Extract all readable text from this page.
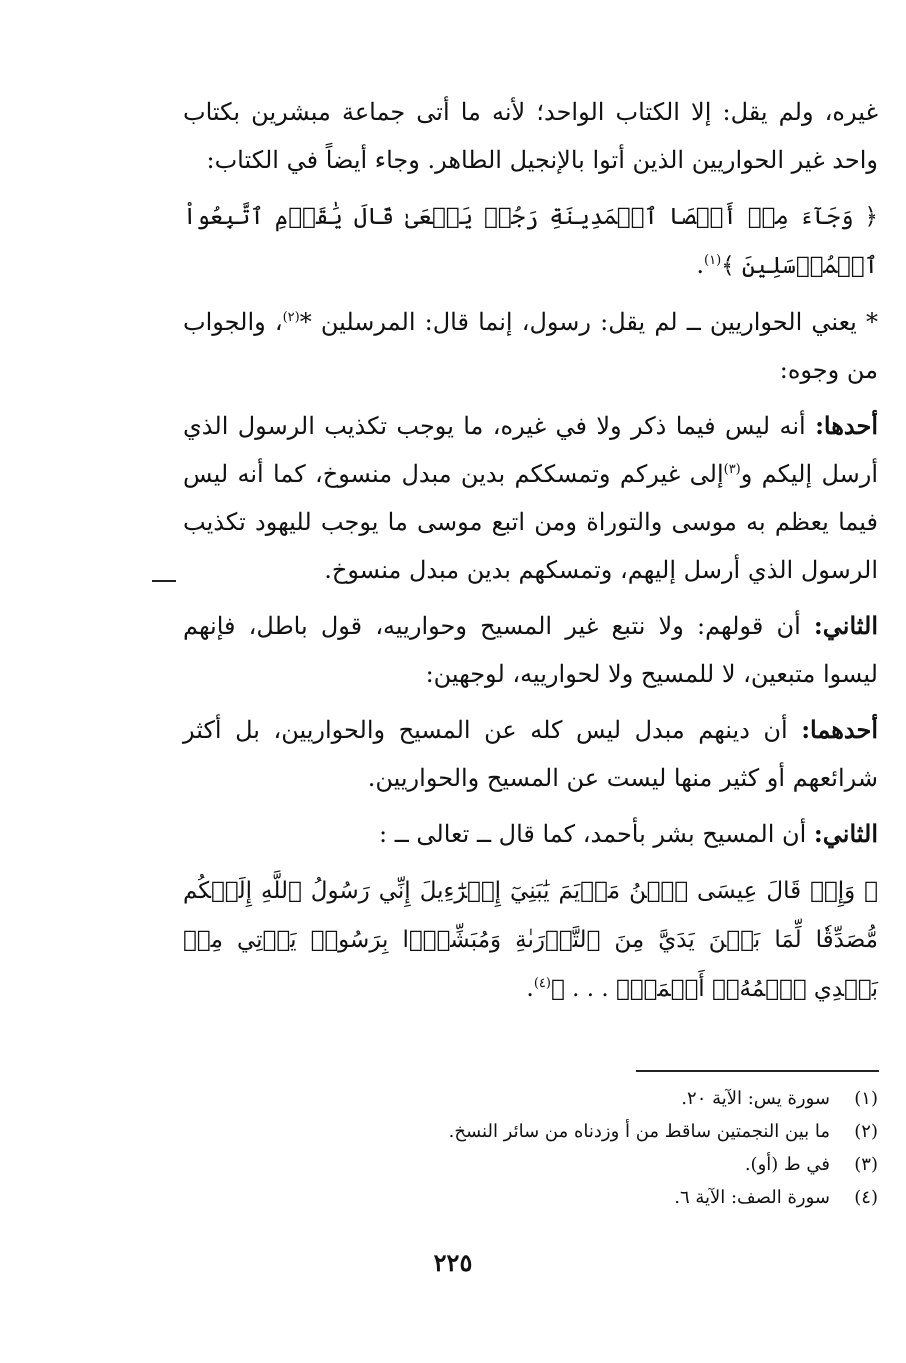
غيره، ولم يقل: إلا الكتاب الواحد؛ لأنه ما أتى جماعة مبشرين بكتاب واحد غير الحواريين الذين أتوا بالإنجيل الطاهر. وجاء أيضاً في الكتاب:

﴿ وَجَآءَ مِنۡ أَقۡصَا ٱلۡمَدِينَةِ رَجُلٞ يَسۡعَىٰ قَالَ يَٰقَوۡمِ ٱتَّبِعُواْ ٱلۡمُرۡسَلِينَ ﴾$^{(١)}$.

* يعني الحواريين ــ لم يقل: رسول، إنما قال: المرسلين *$^{(٢)}$، والجواب من وجوه:

أحدها: أنه ليس فيما ذكر ولا في غيره، ما يوجب تكذيب الرسول الذي أرسل إليكم و$^{(٣)}$إلى غيركم وتمسككم بدين مبدل منسوخ، كما أنه ليس فيما يعظم به موسى والتوراة ومن اتبع موسى ما يوجب لليهود تكذيب الرسول الذي أرسل إليهم، وتمسكهم بدين مبدل منسوخ.

الثاني: أن قولهم: ولا نتبع غير المسيح وحوارييه، قول باطل، فإنهم ليسوا متبعين، لا للمسيح ولا لحوارييه، لوجهين:

أحدهما: أن دينهم مبدل ليس كله عن المسيح والحواريين، بل أكثر شرائعهم أو كثير منها ليست عن المسيح والحواريين.

الثاني: أن المسيح بشر بأحمد، كما قال ــ تعالى ــ :

﴿ وَإِذۡ قَالَ عِيسَى ٱبۡنُ مَرۡيَمَ يَٰبَنِيٓ إِسۡرَٰٓءِيلَ إِنِّي رَسُولُ ٱللَّهِ إِلَيۡكُم مُّصَدِّقٗا لِّمَا بَيۡنَ يَدَيَّ مِنَ ٱلتَّوۡرَىٰةِ وَمُبَشِّرَۢا بِرَسُولٖ يَأۡتِي مِنۢ بَعۡدِي ٱسۡمُهُۥٓ أَحۡمَدُۖ . . . ﴾$^{(٤)}$.

(١)
سورة يس: الآية ٢٠.
(٢)
ما بين النجمتين ساقط من أ وزدناه من سائر النسخ.
(٣)
في ط (أو).
(٤)
سورة الصف: الآية ٦.
٢٢٥
